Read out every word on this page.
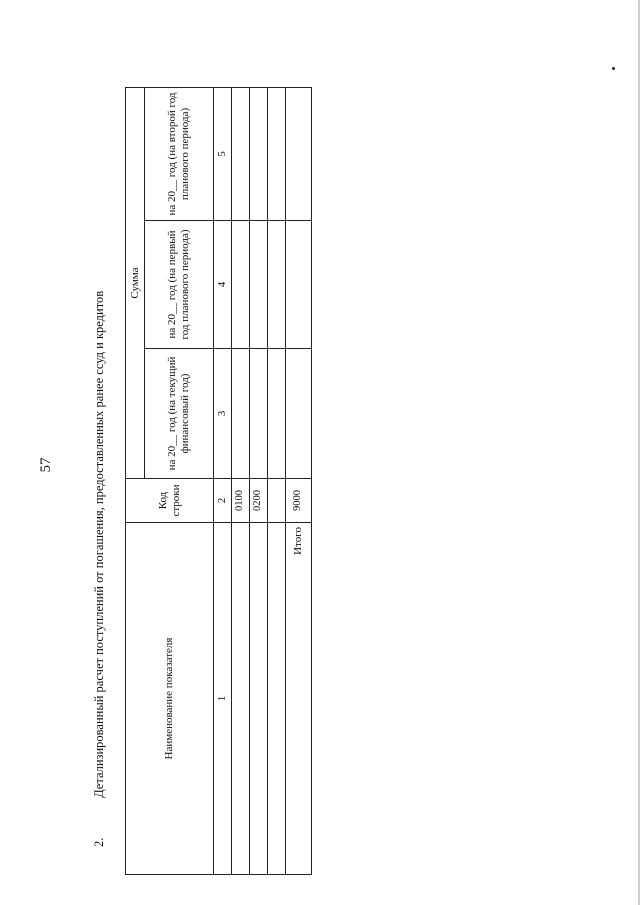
57
2. Детализированный расчет поступлений от погашения, предоставленных ранее ссуд и кредитов	Наименование показателя	Код строки	Сумма		
		на 20__ год (на текущий финансовый год)	на 20__ год (на первый год планового периода)	на 20__ год (на второй год планового периода)
1	2	3	4	5
	0100			
	0200			

Итого	9000			
